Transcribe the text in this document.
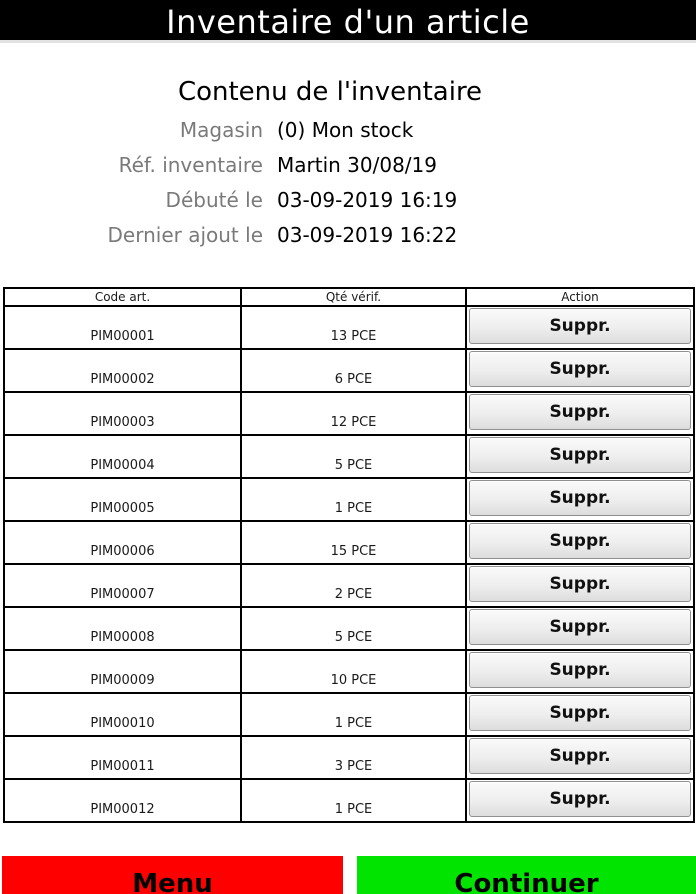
Inventaire d'un article
Contenu de l'inventaire
Magasin (0) Mon stock
Réf. inventaire Martin 30/08/19
Débuté le 03-09-2019 16:19
Dernier ajout le 03-09-2019 16:22
Code art.	Qté vérif.	Action
PIM00001	13 PCE	Suppr.

PIM00002	6 PCE	Suppr.

PIM00003	12 PCE	Suppr.

PIM00004	5 PCE	Suppr.

PIM00005	1 PCE	Suppr.

PIM00006	15 PCE	Suppr.

PIM00007	2 PCE	Suppr.

PIM00008	5 PCE	Suppr.

PIM00009	10 PCE	Suppr.

PIM00010	1 PCE	Suppr.

PIM00011	3 PCE	Suppr.

PIM00012	1 PCE	Suppr.
Menu	Continuer
